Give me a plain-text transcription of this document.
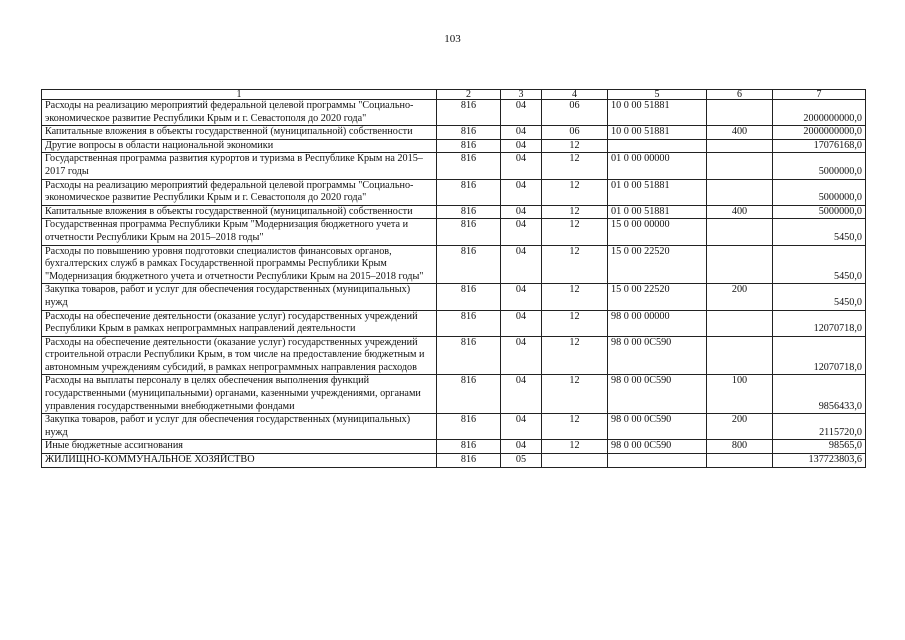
103
1	2	3	4	5	6	7
Расходы на реализацию мероприятий федеральной целевой программы "Социально-экономическое развитие Республики Крым и г. Севастополя до 2020 года"	816	04	06	10 0 00 51881		2000000000,0
Капитальные вложения в объекты государственной (муниципальной) собственности	816	04	06	10 0 00 51881	400	2000000000,0
Другие вопросы в области национальной экономики	816	04	12			17076168,0
Государственная программа развития курортов и туризма в Республике Крым на 2015–2017 годы	816	04	12	01 0 00 00000		5000000,0
Расходы на реализацию мероприятий федеральной целевой программы "Социально-экономическое развитие Республики Крым и г. Севастополя до 2020 года"	816	04	12	01 0 00 51881		5000000,0
Капитальные вложения в объекты государственной (муниципальной) собственности	816	04	12	01 0 00 51881	400	5000000,0
Государственная программа Республики Крым "Модернизация бюджетного учета и отчетности Республики Крым на 2015–2018 годы"	816	04	12	15 0 00 00000		5450,0
Расходы по повышению уровня подготовки специалистов финансовых органов, бухгалтерских служб в рамках Государственной программы Республики Крым "Модернизация бюджетного учета и отчетности Республики Крым на 2015–2018 годы"	816	04	12	15 0 00 22520		5450,0
Закупка товаров, работ и услуг для обеспечения государственных (муниципальных) нужд	816	04	12	15 0 00 22520	200	5450,0
Расходы на обеспечение деятельности (оказание услуг) государственных учреждений Республики Крым в рамках непрограммных направлений деятельности	816	04	12	98 0 00 00000		12070718,0
Расходы на обеспечение деятельности (оказание услуг) государственных учреждений строительной отрасли Республики Крым, в том числе на предоставление бюджетным и автономным учреждениям субсидий, в рамках непрограммных направления расходов	816	04	12	98 0 00 0С590		12070718,0
Расходы на выплаты персоналу в целях обеспечения выполнения функций государственными (муниципальными) органами, казенными учреждениями, органами управления государственными внебюджетными фондами	816	04	12	98 0 00 0С590	100	9856433,0
Закупка товаров, работ и услуг для обеспечения государственных (муниципальных) нужд	816	04	12	98 0 00 0С590	200	2115720,0
Иные бюджетные ассигнования	816	04	12	98 0 00 0С590	800	98565,0
ЖИЛИЩНО-КОММУНАЛЬНОЕ ХОЗЯЙСТВО	816	05				137723803,6
